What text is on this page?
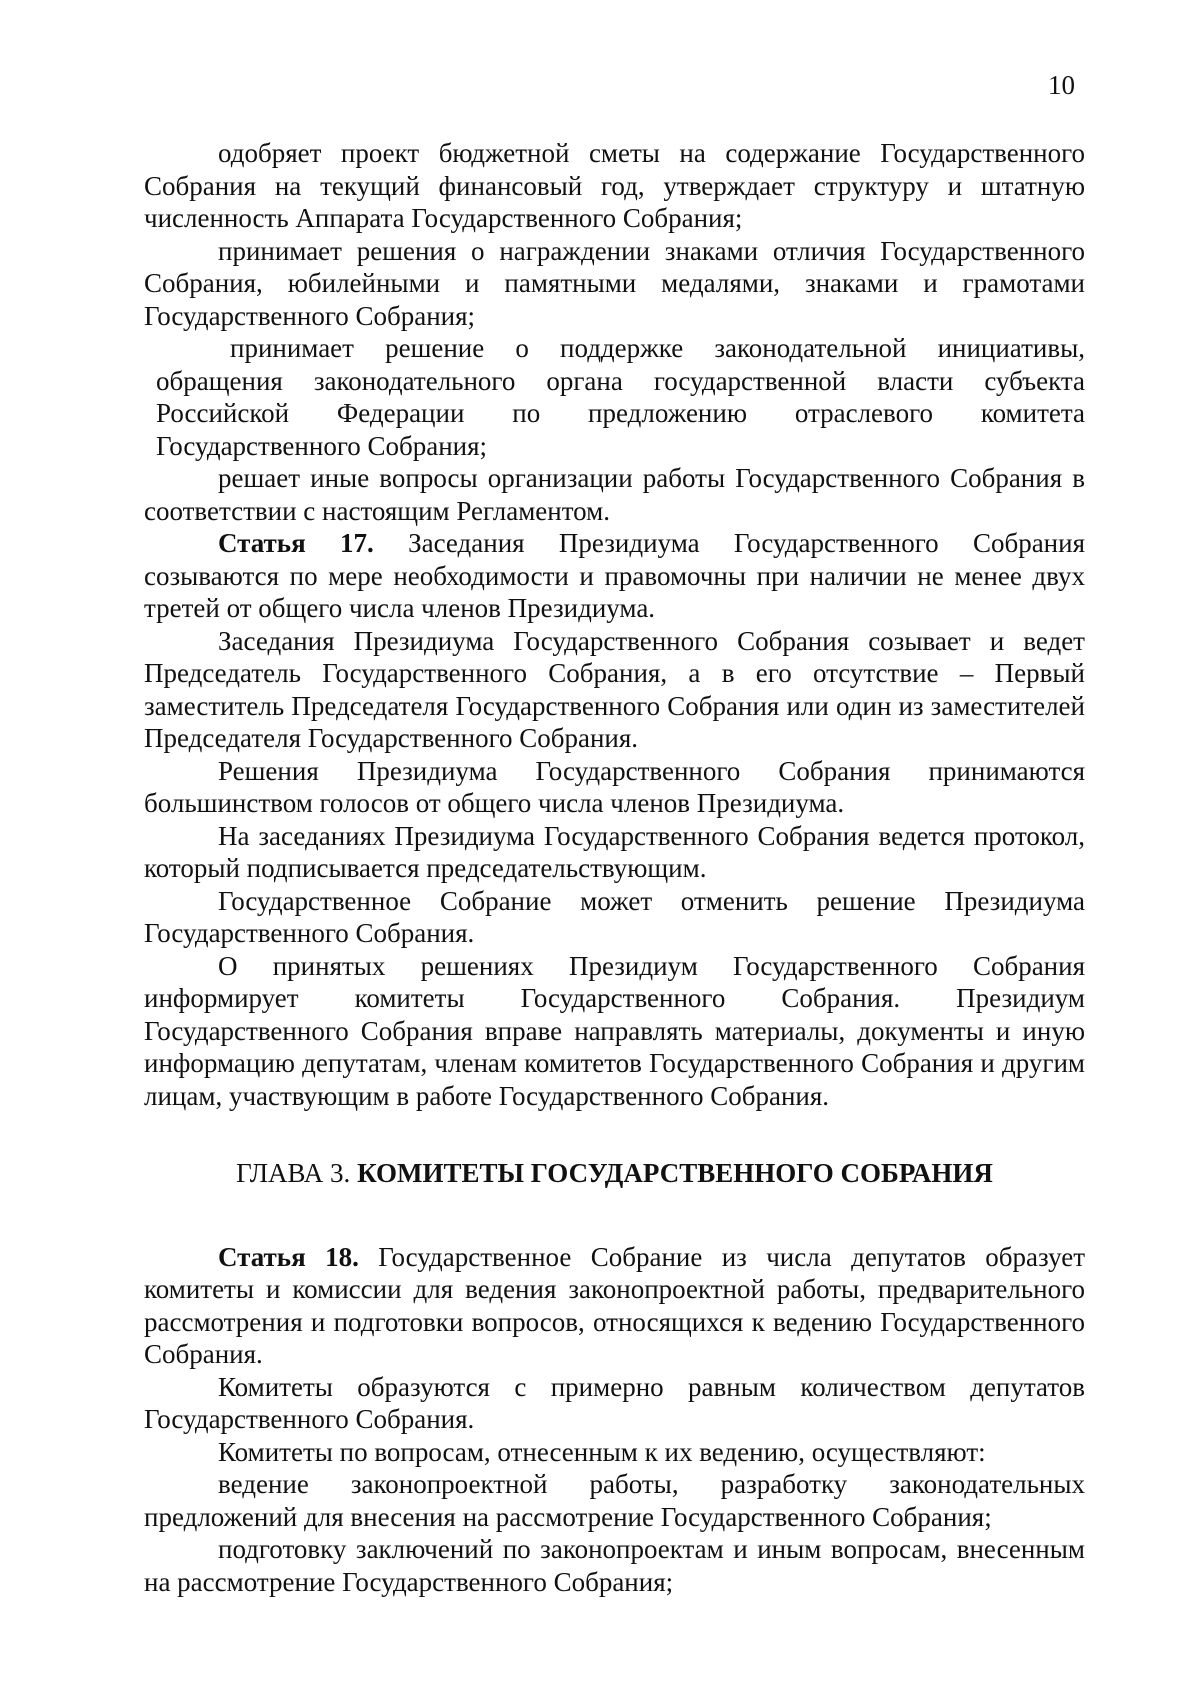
10

одобряет проект бюджетной сметы на содержание Государственного Собрания на текущий финансовый год, утверждает структуру и штатную численность Аппарата Государственного Собрания;

принимает решения о награждении знаками отличия Государственного Собрания, юбилейными и памятными медалями, знаками и грамотами Государственного Собрания;

принимает решение о поддержке законодательной инициативы, обращения законодательного органа государственной власти субъекта Российской Федерации по предложению отраслевого комитета Государственного Собрания;

решает иные вопросы организации работы Государственного Собрания в соответствии с настоящим Регламентом.

Статья 17. Заседания Президиума Государственного Собрания созываются по мере необходимости и правомочны при наличии не менее двух третей от общего числа членов Президиума.

Заседания Президиума Государственного Собрания созывает и ведет Председатель Государственного Собрания, а в его отсутствие – Первый заместитель Председателя Государственного Собрания или один из заместителей Председателя Государственного Собрания.

Решения Президиума Государственного Собрания принимаются большинством голосов от общего числа членов Президиума.

На заседаниях Президиума Государственного Собрания ведется протокол, который подписывается председательствующим.

Государственное Собрание может отменить решение Президиума Государственного Собрания.

О принятых решениях Президиум Государственного Собрания информирует комитеты Государственного Собрания. Президиум Государственного Собрания вправе направлять материалы, документы и иную информацию депутатам, членам комитетов Государственного Собрания и другим лицам, участвующим в работе Государственного Собрания.

ГЛАВА 3. КОМИТЕТЫ ГОСУДАРСТВЕННОГО СОБРАНИЯ

Статья 18. Государственное Собрание из числа депутатов образует комитеты и комиссии для ведения законопроектной работы, предварительного рассмотрения и подготовки вопросов, относящихся к ведению Государственного Собрания.

Комитеты образуются с примерно равным количеством депутатов Государственного Собрания.

Комитеты по вопросам, отнесенным к их ведению, осуществляют:

ведение законопроектной работы, разработку законодательных предложений для внесения на рассмотрение Государственного Собрания;

подготовку заключений по законопроектам и иным вопросам, внесенным на рассмотрение Государственного Собрания;
